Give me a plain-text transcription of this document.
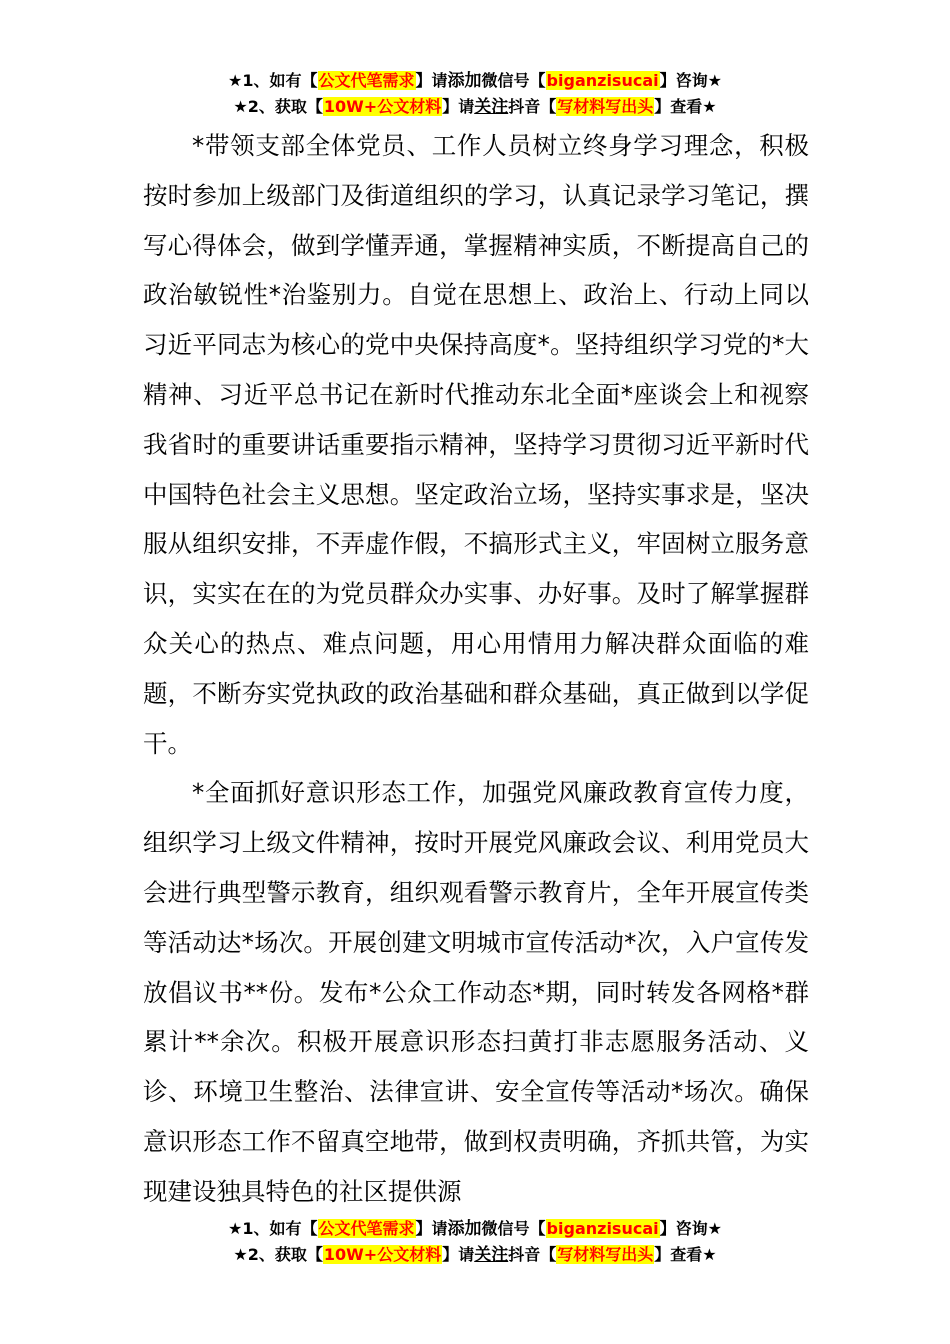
★1、如有【公文代笔需求】请添加微信号【biganzisucai】咨询★
★2、获取【10W+公文材料】请关注抖音【写材料写出头】查看★

*带领支部全体党员、工作人员树立终身学习理念，积极按时参加上级部门及街道组织的学习，认真记录学习笔记，撰写心得体会，做到学懂弄通，掌握精神实质，不断提高自己的政治敏锐性*治鉴别力。自觉在思想上、政治上、行动上同以习近平同志为核心的党中央保持高度*。坚持组织学习党的*大精神、习近平总书记在新时代推动东北全面*座谈会上和视察我省时的重要讲话重要指示精神，坚持学习贯彻习近平新时代中国特色社会主义思想。坚定政治立场，坚持实事求是，坚决服从组织安排，不弄虚作假，不搞形式主义，牢固树立服务意识，实实在在的为党员群众办实事、办好事。及时了解掌握群众关心的热点、难点问题，用心用情用力解决群众面临的难题，不断夯实党执政的政治基础和群众基础，真正做到以学促干。

*全面抓好意识形态工作，加强党风廉政教育宣传力度，组织学习上级文件精神，按时开展党风廉政会议、利用党员大会进行典型警示教育，组织观看警示教育片，全年开展宣传类等活动达*场次。开展创建文明城市宣传活动*次，入户宣传发放倡议书**份。发布*公众工作动态*期，同时转发各网格*群累计**余次。积极开展意识形态扫黄打非志愿服务活动、义诊、环境卫生整治、法律宣讲、安全宣传等活动*场次。确保意识形态工作不留真空地带，做到权责明确，齐抓共管，为实现建设独具特色的社区提供源

★1、如有【公文代笔需求】请添加微信号【biganzisucai】咨询★
★2、获取【10W+公文材料】请关注抖音【写材料写出头】查看★
